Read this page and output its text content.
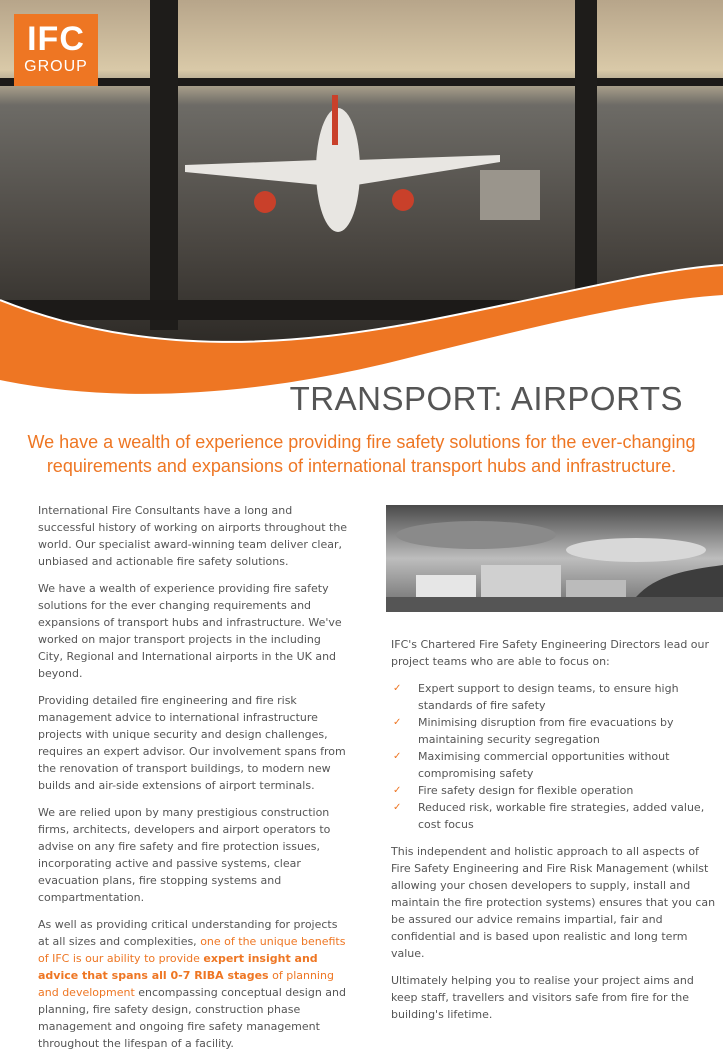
IFC
GROUP
TRANSPORT: AIRPORTS
We have a wealth of experience providing fire safety solutions for the ever-changing requirements and expansions of international transport hubs and infrastructure.

International Fire Consultants have a long and successful history of working on airports throughout the world. Our specialist award-winning team deliver clear, unbiased and actionable fire safety solutions.

We have a wealth of experience providing fire safety solutions for the ever changing requirements and expansions of transport hubs and infrastructure. We've worked on major transport projects in the including City, Regional and International airports in the UK and beyond.

Providing detailed fire engineering and fire risk management advice to international infrastructure projects with unique security and design challenges, requires an expert advisor. Our involvement spans from the renovation of transport buildings, to modern new builds and air-side extensions of airport terminals.

We are relied upon by many prestigious construction firms, architects, developers and airport operators to advise on any fire safety and fire protection issues, incorporating active and passive systems, clear evacuation plans, fire stopping systems and compartmentation.

As well as providing critical understanding for projects at all sizes and complexities, one of the unique benefits of IFC is our ability to provide expert insight and advice that spans all 0-7 RIBA stages of planning and development encompassing conceptual design and planning, fire safety design, construction phase management and ongoing fire safety management throughout the lifespan of a facility.

IFC's Chartered Fire Safety Engineering Directors lead our project teams who are able to focus on:

✓ Expert support to design teams, to ensure high standards of fire safety
✓ Minimising disruption from fire evacuations by maintaining security segregation
✓ Maximising commercial opportunities without compromising safety
✓ Fire safety design for flexible operation
✓ Reduced risk, workable fire strategies, added value, cost focus

This independent and holistic approach to all aspects of Fire Safety Engineering and Fire Risk Management (whilst allowing your chosen developers to supply, install and maintain the fire protection systems) ensures that you can be assured our advice remains impartial, fair and confidential and is based upon realistic and long term value.

Ultimately helping you to realise your project aims and keep staff, travellers and visitors safe from fire for the building's lifetime.
